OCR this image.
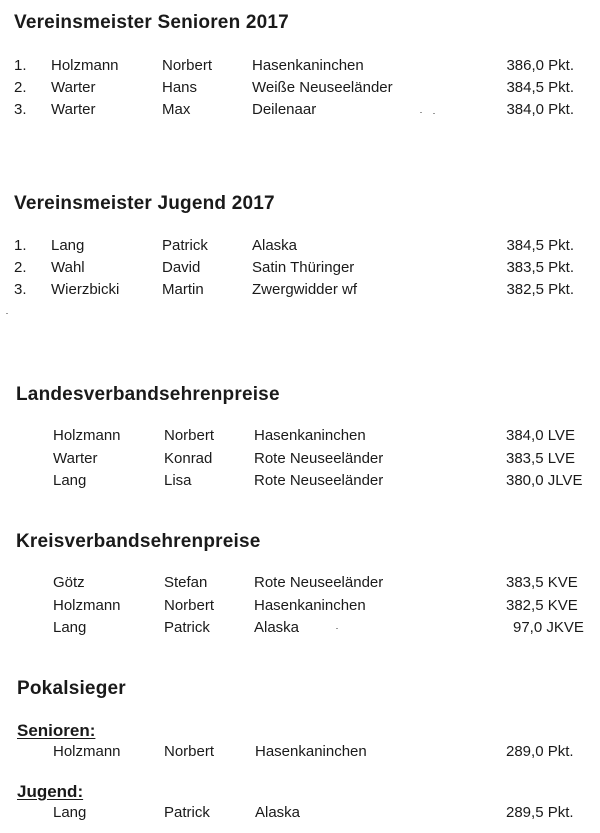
Vereinsmeister Senioren 2017
1. Holzmann	Norbert	Hasenkaninchen	386,0 Pkt.
2. Warter	Hans	Weiße Neuseeländer	384,5 Pkt.
3. Warter	Max	Deilenaar	384,0 Pkt.
Vereinsmeister Jugend 2017
1. Lang	Patrick	Alaska	384,5 Pkt.
2. Wahl	David	Satin Thüringer	383,5 Pkt.
3. Wierzbicki	Martin	Zwergwidder wf	382,5 Pkt.
Landesverbandsehrenpreise
Holzmann	Norbert	Hasenkaninchen	384,0 LVE
Warter	Konrad	Rote Neuseeländer	383,5 LVE
Lang	Lisa	Rote Neuseeländer	380,0 JLVE
Kreisverbandsehrenpreise
Götz	Stefan	Rote Neuseeländer	383,5 KVE
Holzmann	Norbert	Hasenkaninchen	382,5 KVE
Lang	Patrick	Alaska	97,0 JKVE
Pokalsieger
Senioren:
Holzmann	Norbert	Hasenkaninchen	289,0 Pkt.
Jugend:
Lang	Patrick	Alaska	289,5 Pkt.
